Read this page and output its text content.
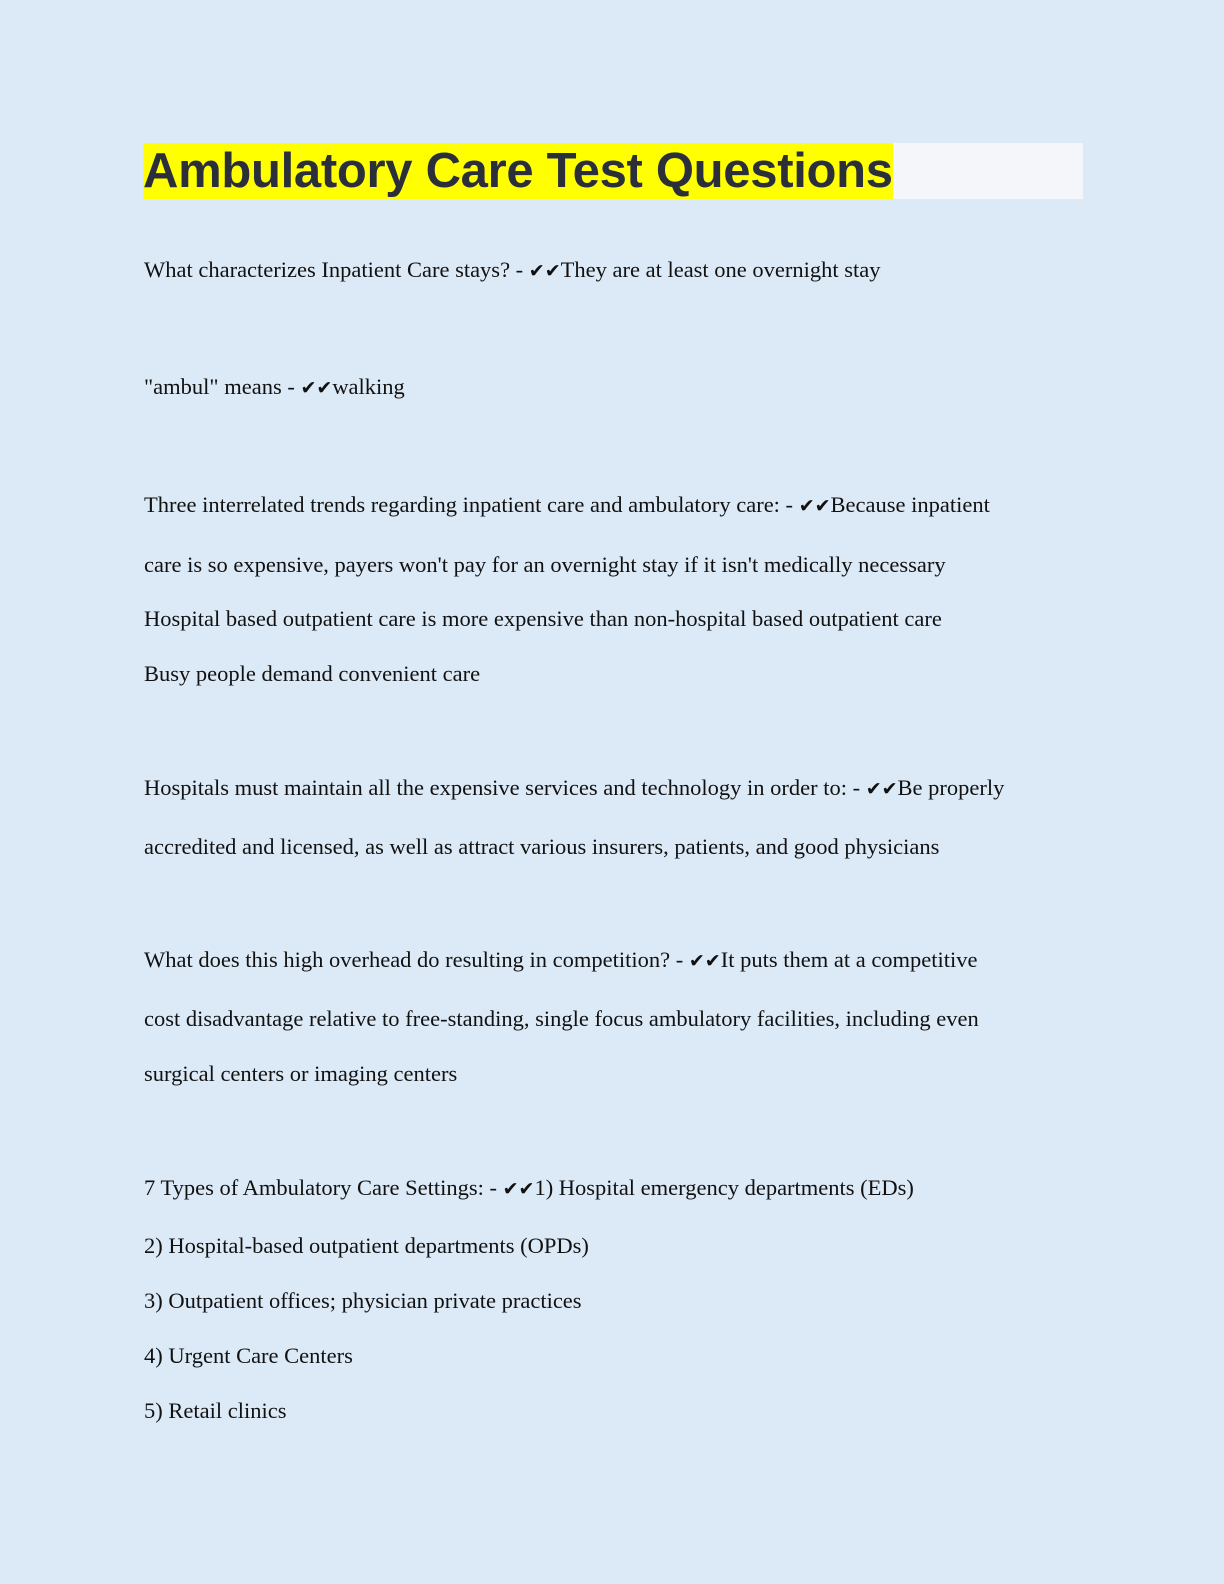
Ambulatory Care Test Questions
What characterizes Inpatient Care stays? - ✔✔They are at least one overnight stay
"ambul" means - ✔✔walking
Three interrelated trends regarding inpatient care and ambulatory care: - ✔✔Because inpatient
care is so expensive, payers won't pay for an overnight stay if it isn't medically necessary
Hospital based outpatient care is more expensive than non-hospital based outpatient care
Busy people demand convenient care
Hospitals must maintain all the expensive services and technology in order to: - ✔✔Be properly
accredited and licensed, as well as attract various insurers, patients, and good physicians
What does this high overhead do resulting in competition? - ✔✔It puts them at a competitive
cost disadvantage relative to free-standing, single focus ambulatory facilities, including even
surgical centers or imaging centers
7 Types of Ambulatory Care Settings: - ✔✔1) Hospital emergency departments (EDs)
2) Hospital-based outpatient departments (OPDs)
3) Outpatient offices; physician private practices
4) Urgent Care Centers
5) Retail clinics
